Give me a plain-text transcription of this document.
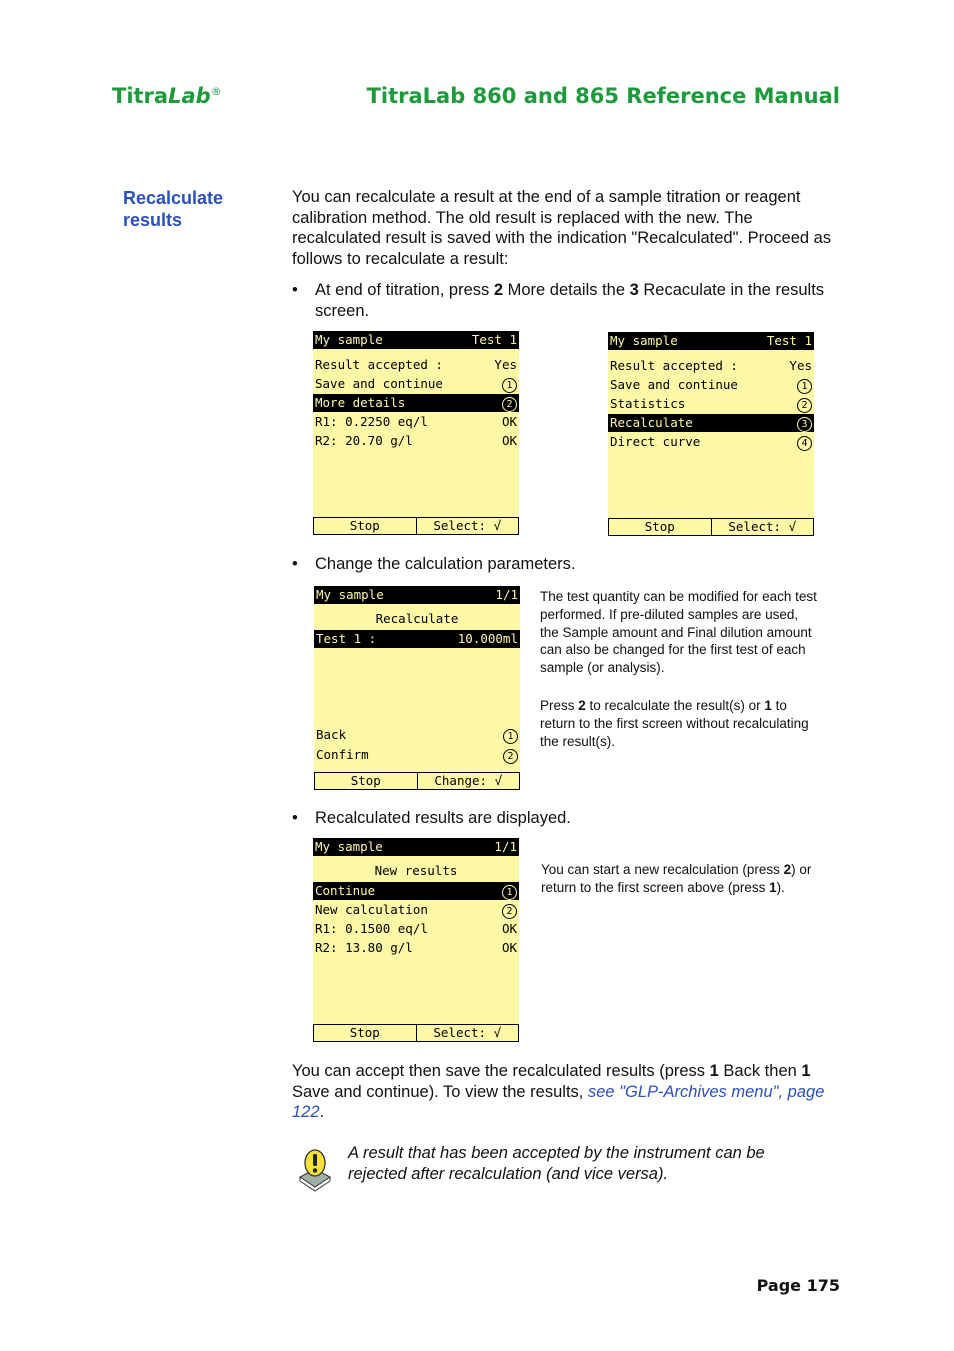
TitraLab®	TitraLab 860 and 865 Reference Manual
Recalculate results
You can recalculate a result at the end of a sample titration or reagent calibration method. The old result is replaced with the new. The recalculated result is saved with the indication "Recalculated". Proceed as follows to recalculate a result:
• At end of titration, press 2 More details the 3 Recaculate in the results screen.
My sample	Test 1
Result accepted :	Yes
Save and continue	1
More details	2
R1: 0.2250 eq/l	OK
R2: 20.70 g/l	OK
Stop	Select: √
My sample	Test 1
Result accepted :	Yes
Save and continue	1
Statistics	2
Recalculate	3
Direct curve	4
Stop	Select: √
• Change the calculation parameters.
My sample	1/1
Recalculate
Test 1 :	10.000ml
Back	1
Confirm	2
Stop	Change: √
The test quantity can be modified for each test performed. If pre-diluted samples are used, the Sample amount and Final dilution amount can also be changed for the first test of each sample (or analysis).
Press 2 to recalculate the result(s) or 1 to return to the first screen without recalculating the result(s).
• Recalculated results are displayed.
My sample	1/1
New results
Continue	1
New calculation	2
R1: 0.1500 eq/l	OK
R2: 13.80 g/l	OK
Stop	Select: √
You can start a new recalculation (press 2) or return to the first screen above (press 1).
You can accept then save the recalculated results (press 1 Back then 1 Save and continue). To view the results, see "GLP-Archives menu", page 122.
A result that has been accepted by the instrument can be rejected after recalculation (and vice versa).
Page 175
